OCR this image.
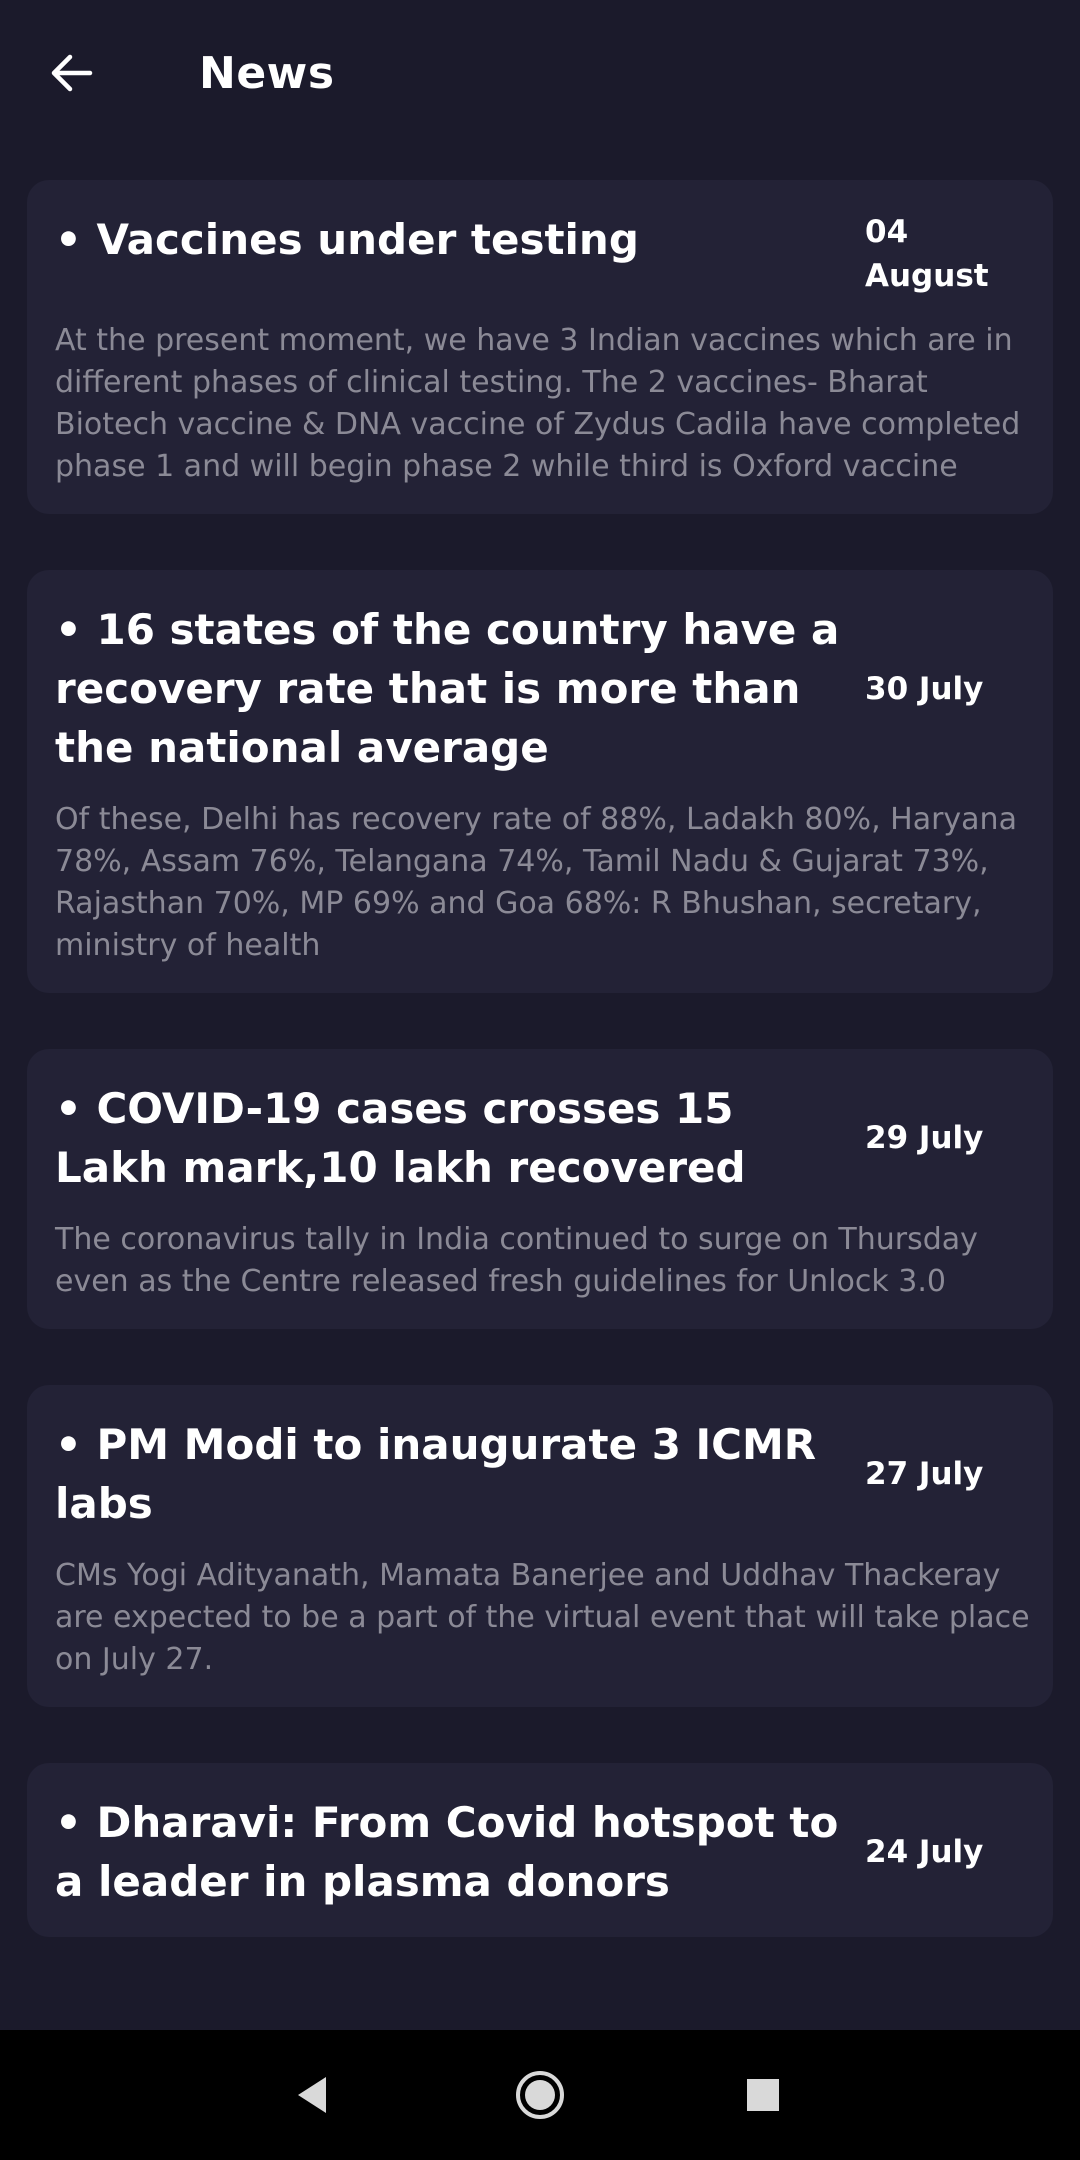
News
• Vaccines under testing	04 August
At the present moment, we have 3 Indian vaccines which are in different phases of clinical testing. The 2 vaccines- Bharat Biotech vaccine & DNA vaccine of Zydus Cadila have completed phase 1 and will begin phase 2 while third is Oxford vaccine
• 16 states of the country have a recovery rate that is more than the national average
30 July
Of these, Delhi has recovery rate of 88%, Ladakh 80%, Haryana 78%, Assam 76%, Telangana 74%, Tamil Nadu & Gujarat 73%, Rajasthan 70%, MP 69% and Goa 68%: R Bhushan, secretary, ministry of health
• COVID-19 cases crosses 15 Lakh mark,10 lakh recovered
29 July
The coronavirus tally in India continued to surge on Thursday even as the Centre released fresh guidelines for Unlock 3.0
• PM Modi to inaugurate 3 ICMR labs
27 July
CMs Yogi Adityanath, Mamata Banerjee and Uddhav Thackeray are expected to be a part of the virtual event that will take place on July 27.
• Dharavi: From Covid hotspot to a leader in plasma donors
24 July
